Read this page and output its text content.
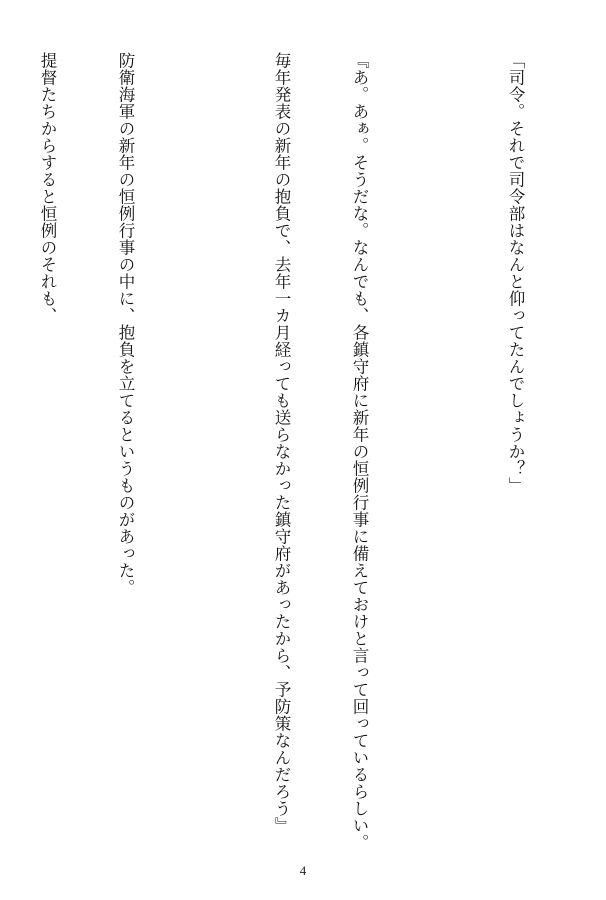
「司令。それで司令部はなんと仰ってたんでしょうか？」

『あ。あぁ。そうだな。なんでも、各鎮守府に新年の恒例行事に備えておけと言って回っているらしい。

毎年発表の新年の抱負で、去年一カ月経っても送らなかった鎮守府があったから、予防策なんだろう』

防衛海軍の新年の恒例行事の中に、抱負を立てるというものがあった。

提督たちからすると恒例のそれも、

4
